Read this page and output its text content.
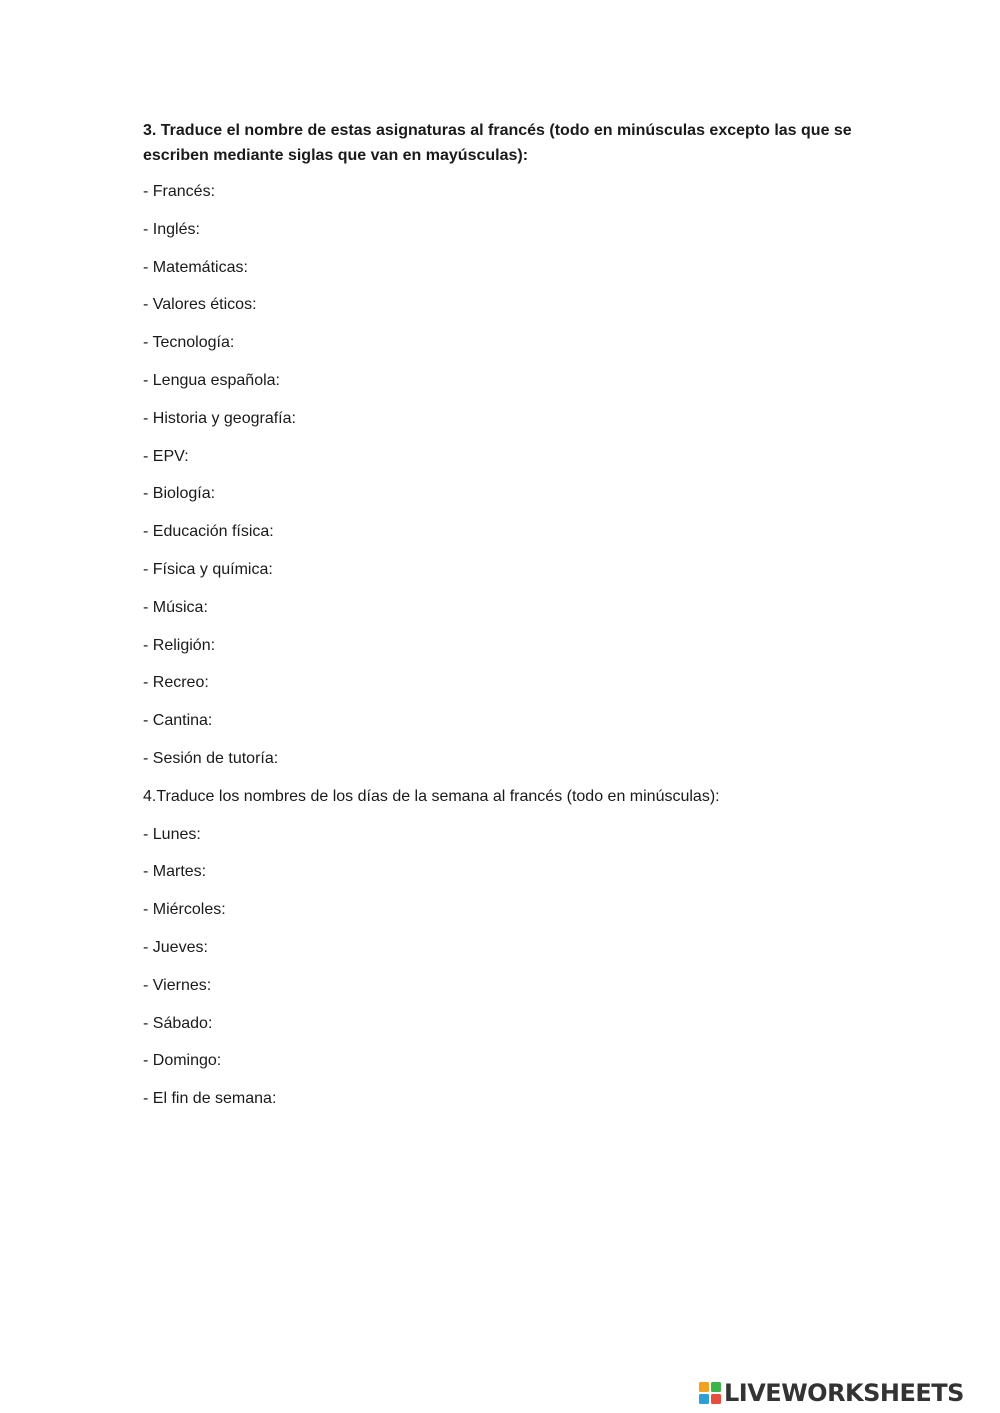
3. Traduce el nombre de estas asignaturas al francés (todo en minúsculas excepto las que se escriben mediante siglas que van en mayúsculas):

- Francés:

- Inglés:

- Matemáticas:

- Valores éticos:

- Tecnología:

- Lengua española:

- Historia y geografía:

- EPV:

- Biología:

- Educación física:

- Física y química:

- Música:

- Religión:

- Recreo:

- Cantina:

- Sesión de tutoría:

4.Traduce los nombres de los días de la semana al francés (todo en minúsculas):

- Lunes:

- Martes:

- Miércoles:

- Jueves:

- Viernes:

- Sábado:

- Domingo:

- El fin de semana:

LIVEWORKSHEETS
